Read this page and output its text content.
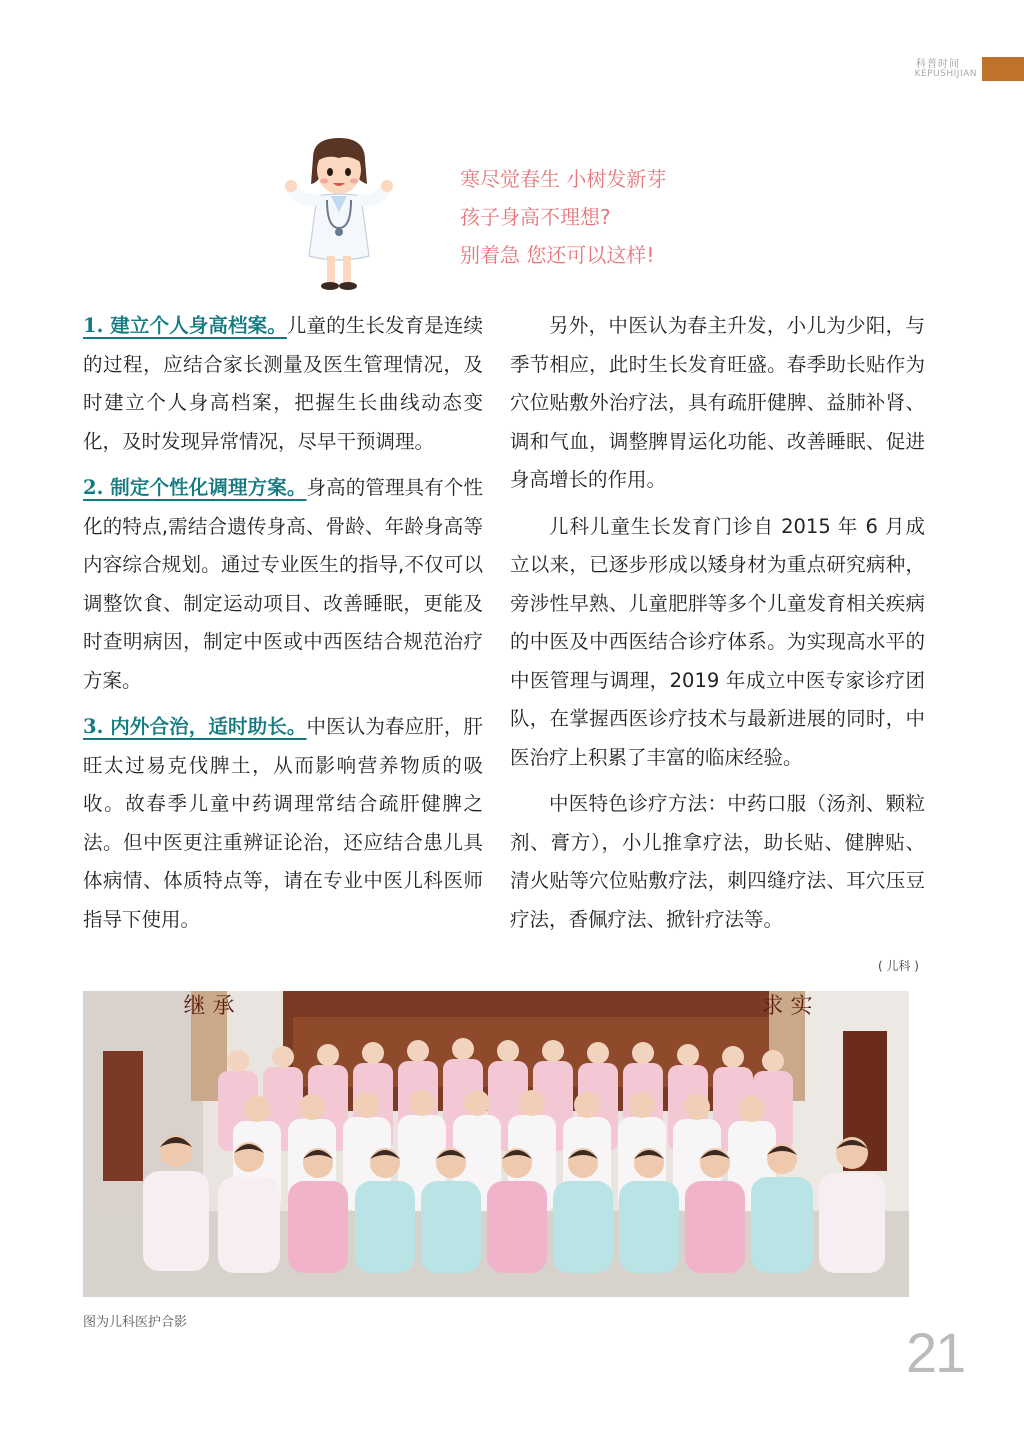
科普时间
KEPUSHIJIAN
寒尽觉春生 小树发新芽
孩子身高不理想?
别着急 您还可以这样!

1. 建立个人身高档案。儿童的生长发育是连续的过程，应结合家长测量及医生管理情况，及时建立个人身高档案，把握生长曲线动态变化，及时发现异常情况，尽早干预调理。

2. 制定个性化调理方案。身高的管理具有个性化的特点,需结合遗传身高、骨龄、年龄身高等内容综合规划。通过专业医生的指导,不仅可以调整饮食、制定运动项目、改善睡眠，更能及时查明病因，制定中医或中西医结合规范治疗方案。

3. 内外合治，适时助长。中医认为春应肝，肝旺太过易克伐脾土，从而影响营养物质的吸收。故春季儿童中药调理常结合疏肝健脾之法。但中医更注重辨证论治，还应结合患儿具体病情、体质特点等，请在专业中医儿科医师指导下使用。

另外，中医认为春主升发，小儿为少阳，与季节相应，此时生长发育旺盛。春季助长贴作为穴位贴敷外治疗法，具有疏肝健脾、益肺补肾、调和气血，调整脾胃运化功能、改善睡眠、促进身高增长的作用。

儿科儿童生长发育门诊自 2015 年 6 月成立以来，已逐步形成以矮身材为重点研究病种，旁涉性早熟、儿童肥胖等多个儿童发育相关疾病的中医及中西医结合诊疗体系。为实现高水平的中医管理与调理，2019 年成立中医专家诊疗团队，在掌握西医诊疗技术与最新进展的同时，中医治疗上积累了丰富的临床经验。

中医特色诊疗方法：中药口服（汤剂、颗粒剂、膏方），小儿推拿疗法，助长贴、健脾贴、清火贴等穴位贴敷疗法，刺四缝疗法、耳穴压豆疗法，香佩疗法、掀针疗法等。

( 儿科 )
继 承	求 实
图为儿科医护合影	21
